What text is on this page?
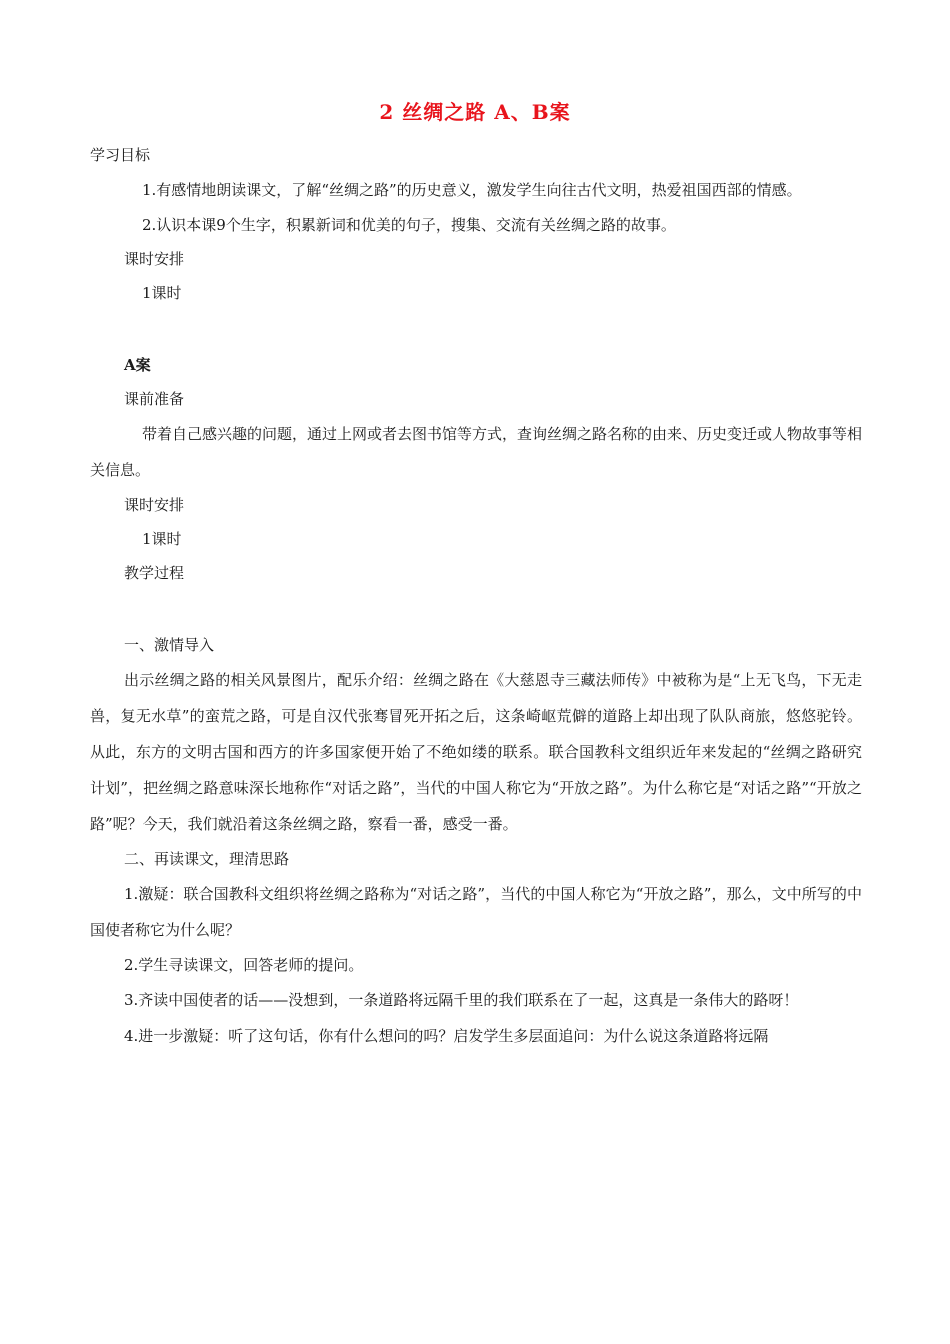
2 丝绸之路 A、B案

学习目标

1.有感情地朗读课文，了解“丝绸之路”的历史意义，激发学生向往古代文明，热爱祖国西部的情感。

2.认识本课9个生字，积累新词和优美的句子，搜集、交流有关丝绸之路的故事。

课时安排

1课时

A案

课前准备

带着自己感兴趣的问题，通过上网或者去图书馆等方式，查询丝绸之路名称的由来、历史变迁或人物故事等相关信息。

课时安排

1课时

教学过程

一、激情导入

出示丝绸之路的相关风景图片，配乐介绍：丝绸之路在《大慈恩寺三藏法师传》中被称为是“上无飞鸟，下无走兽，复无水草”的蛮荒之路，可是自汉代张骞冒死开拓之后，这条崎岖荒僻的道路上却出现了队队商旅，悠悠驼铃。从此，东方的文明古国和西方的许多国家便开始了不绝如缕的联系。联合国教科文组织近年来发起的“丝绸之路研究计划”，把丝绸之路意味深长地称作“对话之路”，当代的中国人称它为“开放之路”。为什么称它是“对话之路”“开放之路”呢？今天，我们就沿着这条丝绸之路，察看一番，感受一番。

二、再读课文，理清思路

1.激疑：联合国教科文组织将丝绸之路称为“对话之路”，当代的中国人称它为“开放之路”，那么，文中所写的中国使者称它为什么呢？

2.学生寻读课文，回答老师的提问。

3.齐读中国使者的话——没想到，一条道路将远隔千里的我们联系在了一起，这真是一条伟大的路呀！

4.进一步激疑：听了这句话，你有什么想问的吗？启发学生多层面追问：为什么说这条道路将远隔
